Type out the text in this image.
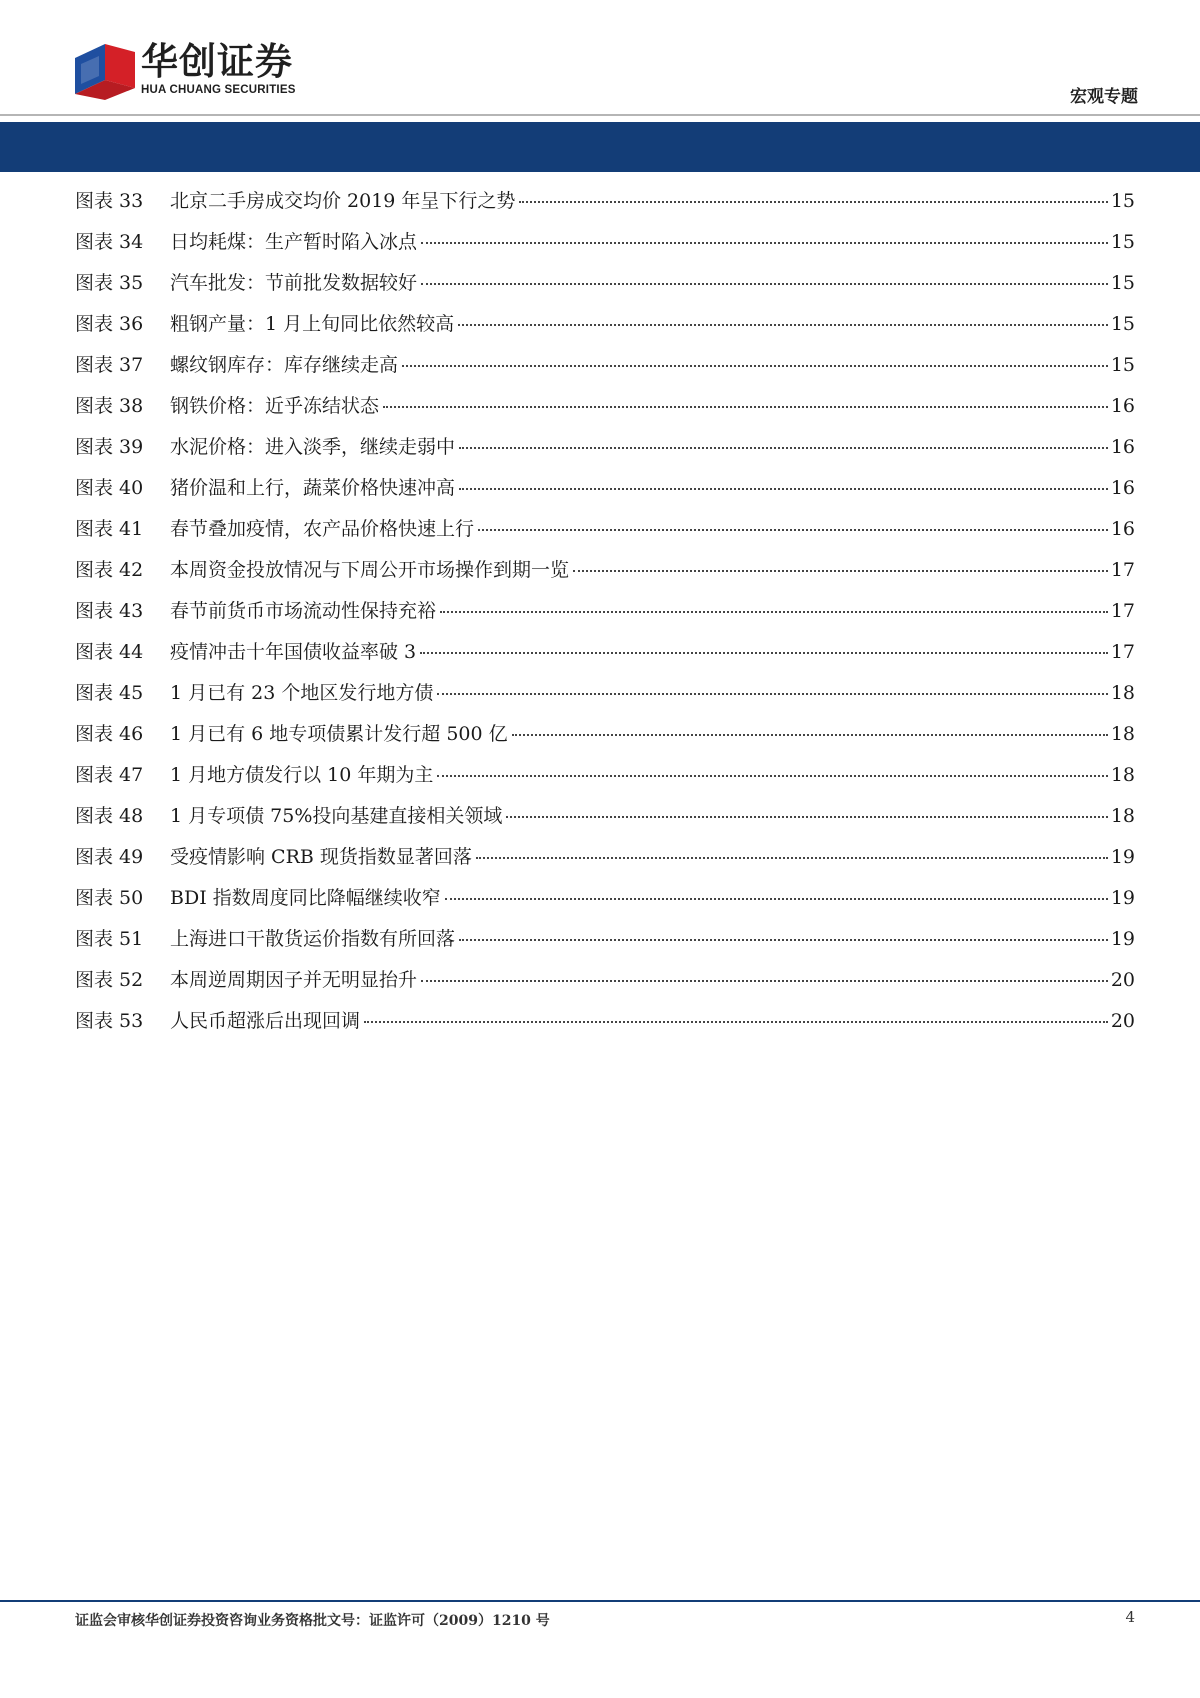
华创证券
HUA CHUANG SECURITIES	宏观专题
图表 33	北京二手房成交均价 2019 年呈下行之势	15
图表 34	日均耗煤：生产暂时陷入冰点	15
图表 35	汽车批发：节前批发数据较好	15
图表 36	粗钢产量：1 月上旬同比依然较高	15
图表 37	螺纹钢库存：库存继续走高	15
图表 38	钢铁价格：近乎冻结状态	16
图表 39	水泥价格：进入淡季，继续走弱中	16
图表 40	猪价温和上行，蔬菜价格快速冲高	16
图表 41	春节叠加疫情，农产品价格快速上行	16
图表 42	本周资金投放情况与下周公开市场操作到期一览	17
图表 43	春节前货币市场流动性保持充裕	17
图表 44	疫情冲击十年国债收益率破 3	17
图表 45	1 月已有 23 个地区发行地方债	18
图表 46	1 月已有 6 地专项债累计发行超 500 亿	18
图表 47	1 月地方债发行以 10 年期为主	18
图表 48	1 月专项债 75%投向基建直接相关领域	18
图表 49	受疫情影响 CRB 现货指数显著回落	19
图表 50	BDI 指数周度同比降幅继续收窄	19
图表 51	上海进口干散货运价指数有所回落	19
图表 52	本周逆周期因子并无明显抬升	20
图表 53	人民币超涨后出现回调	20
证监会审核华创证券投资咨询业务资格批文号：证监许可（2009）1210 号	4
